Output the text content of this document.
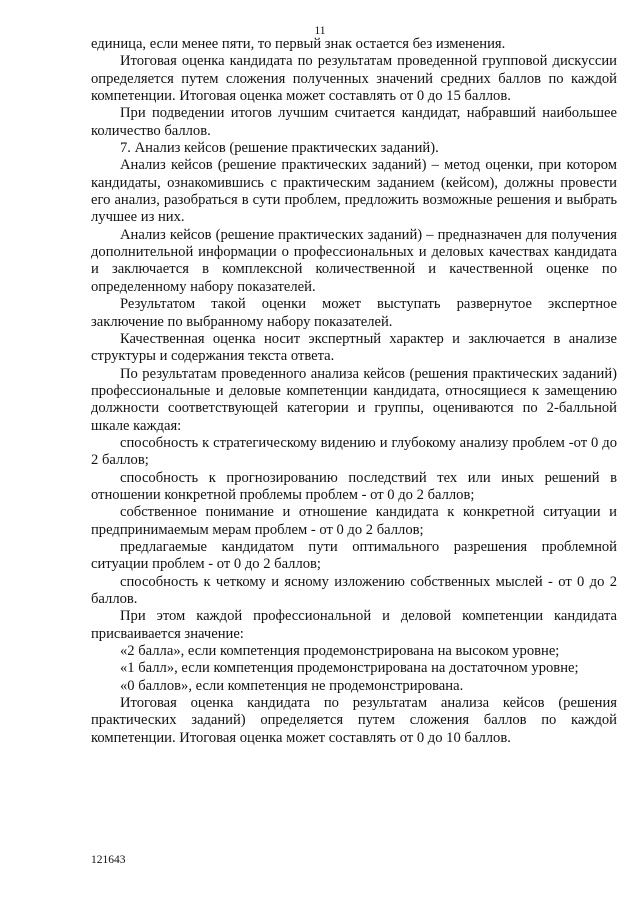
11

единица, если менее пяти, то первый знак остается без изменения.

Итоговая оценка кандидата по результатам проведенной групповой дискуссии определяется путем сложения полученных значений средних баллов по каждой компетенции. Итоговая оценка может составлять от 0 до 15 баллов.

При подведении итогов лучшим считается кандидат, набравший наибольшее количество баллов.

7. Анализ кейсов (решение практических заданий).

Анализ кейсов (решение практических заданий) – метод оценки, при котором кандидаты, ознакомившись с практическим заданием (кейсом), должны провести его анализ, разобраться в сути проблем, предложить возможные решения и выбрать лучшее из них.

Анализ кейсов (решение практических заданий) – предназначен для получения дополнительной информации о профессиональных и деловых качествах кандидата и заключается в комплексной количественной и качественной оценке по определенному набору показателей.

Результатом такой оценки может выступать развернутое экспертное заключение по выбранному набору показателей.

Качественная оценка носит экспертный характер и заключается в анализе структуры и содержания текста ответа.

По результатам проведенного анализа кейсов (решения практических заданий) профессиональные и деловые компетенции кандидата, относящиеся к замещению должности соответствующей категории и группы, оцениваются по 2-балльной шкале каждая:

способность к стратегическому видению и глубокому анализу проблем -от 0 до 2 баллов;

способность к прогнозированию последствий тех или иных решений в отношении конкретной проблемы проблем - от 0 до 2 баллов;

собственное понимание и отношение кандидата к конкретной ситуации и предпринимаемым мерам проблем - от 0 до 2 баллов;

предлагаемые кандидатом пути оптимального разрешения проблемной ситуации проблем - от 0 до 2 баллов;

способность к четкому и ясному изложению собственных мыслей - от 0 до 2 баллов.

При этом каждой профессиональной и деловой компетенции кандидата присваивается значение:

«2 балла», если компетенция продемонстрирована на высоком уровне;

«1 балл», если компетенция продемонстрирована на достаточном уровне;

«0 баллов», если компетенция не продемонстрирована.

Итоговая оценка кандидата по результатам анализа кейсов (решения практических заданий) определяется путем сложения баллов по каждой компетенции. Итоговая оценка может составлять от 0 до 10 баллов.

121643
